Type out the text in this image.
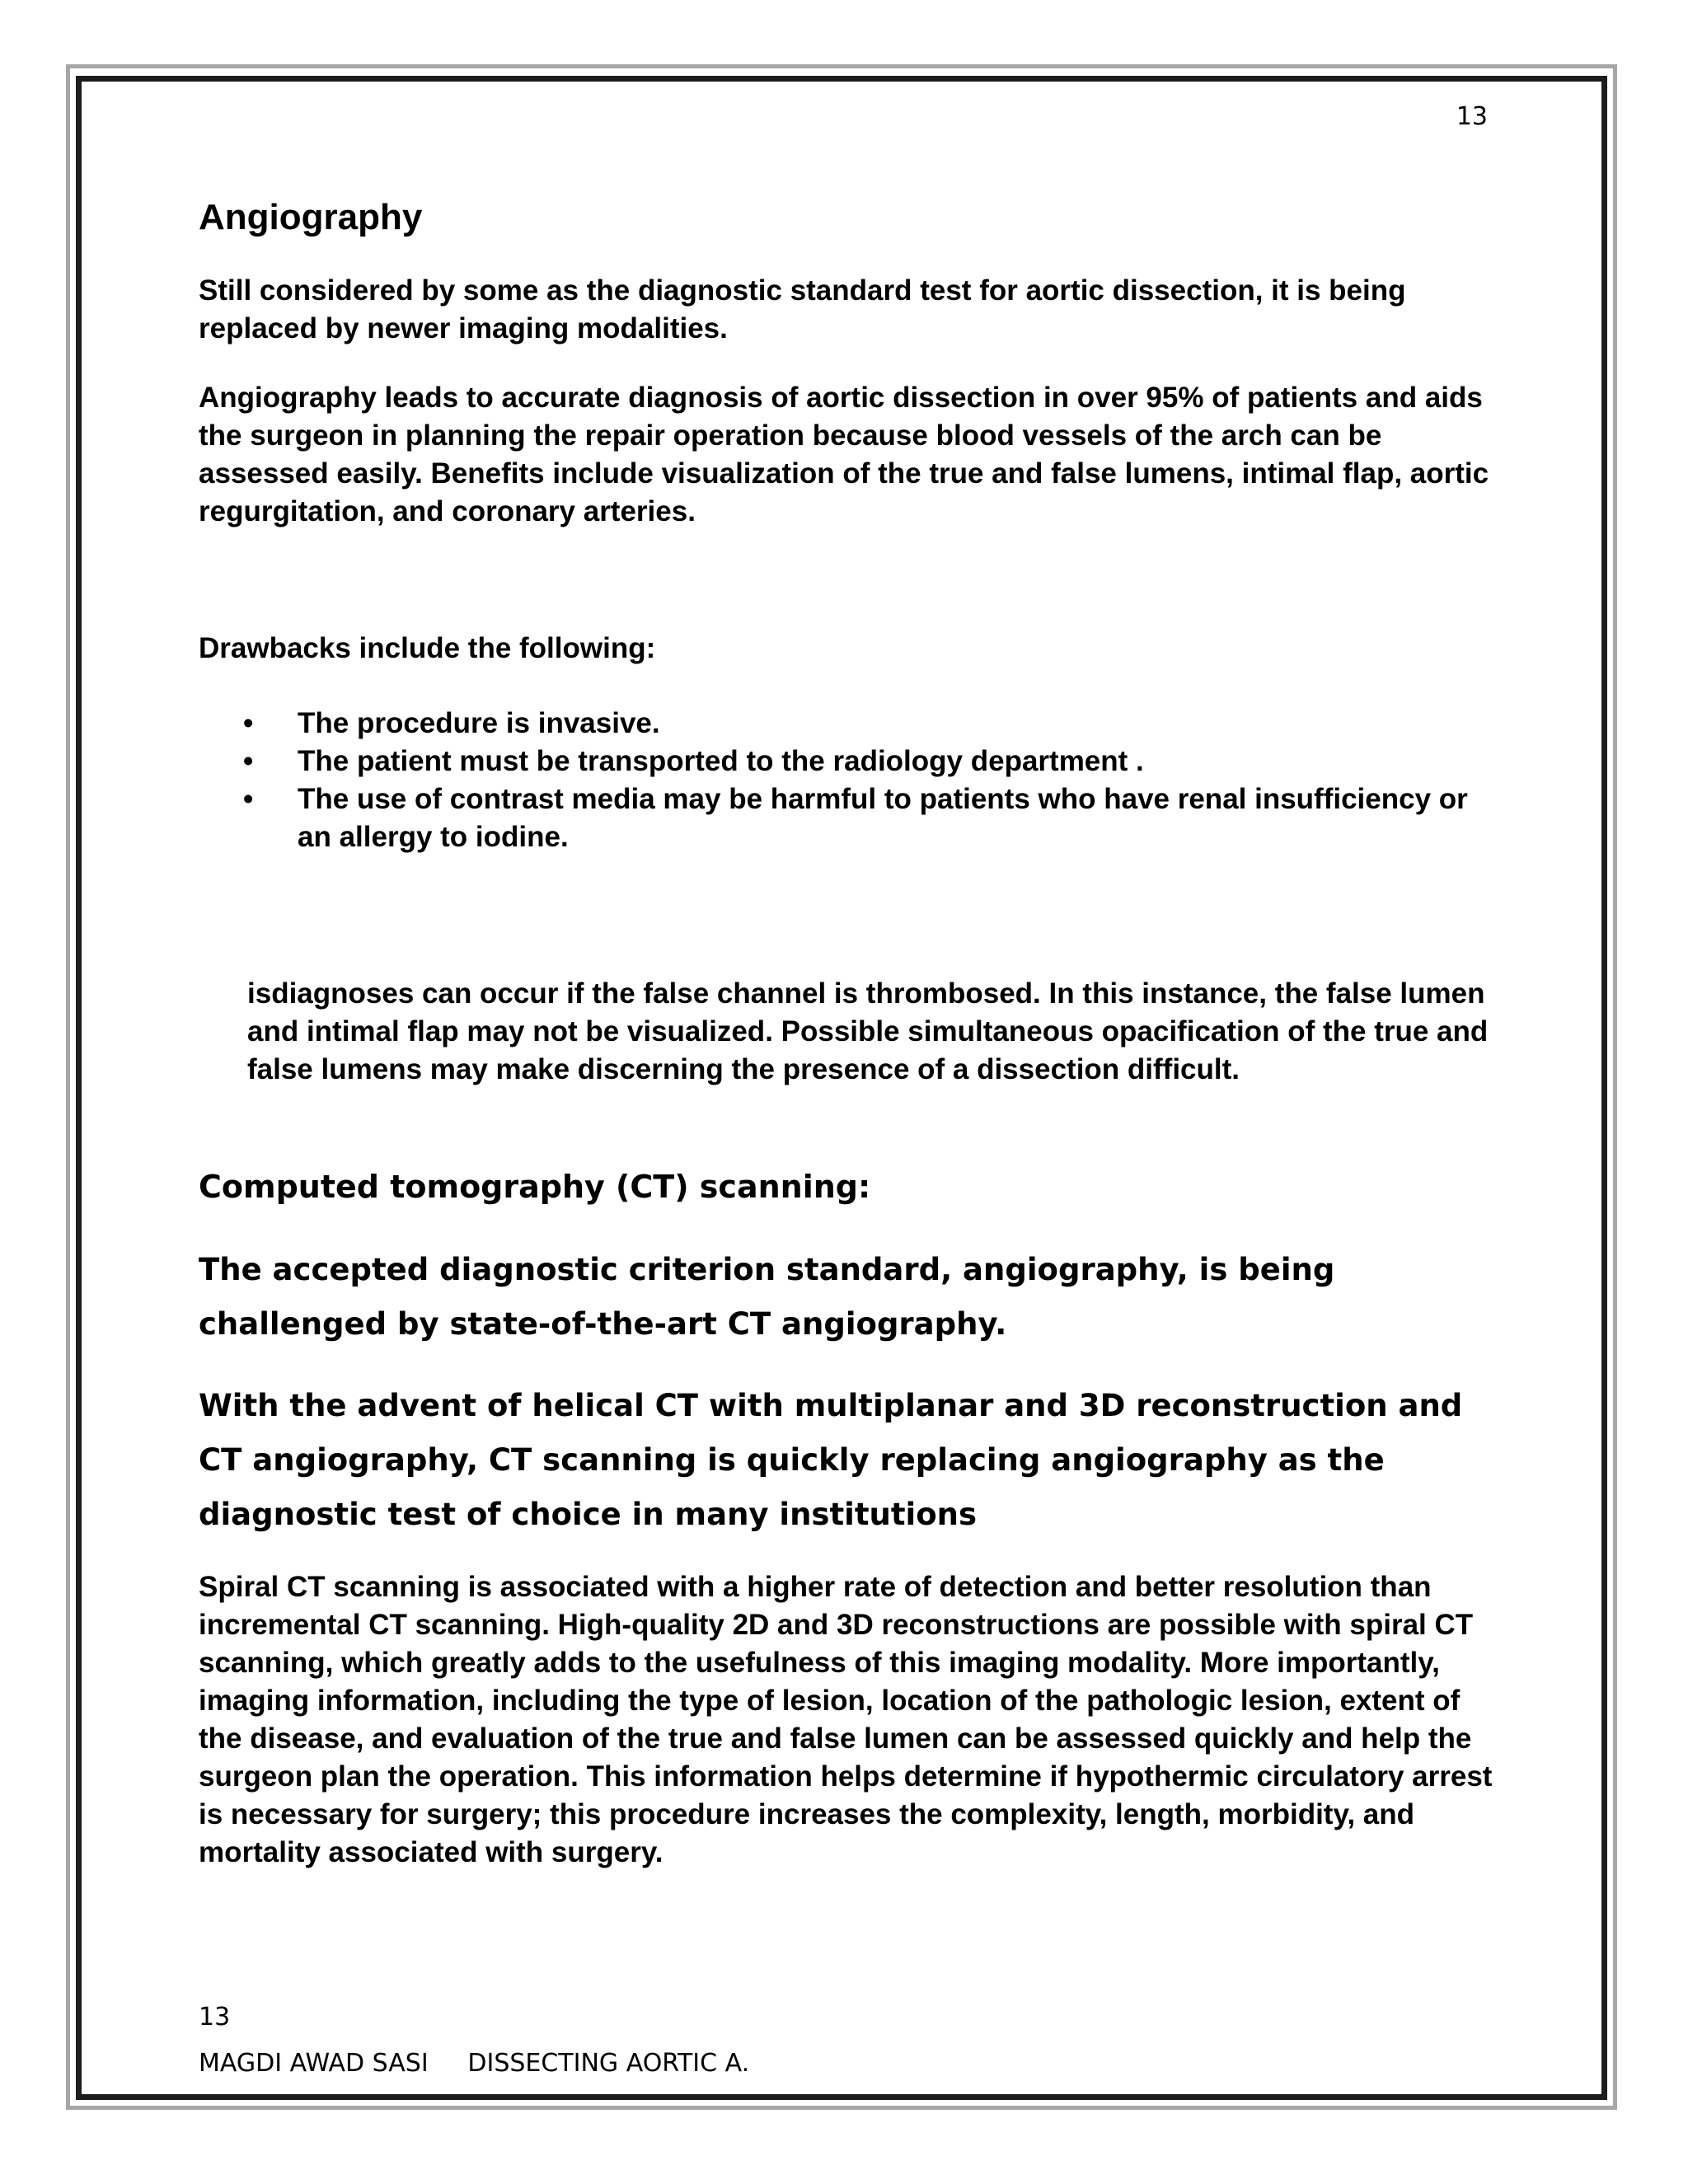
13
Angiography

Still considered by some as the diagnostic standard test for aortic dissection, it is being replaced by newer imaging modalities.

Angiography leads to accurate diagnosis of aortic dissection in over 95% of patients and aids the surgeon in planning the repair operation because blood vessels of the arch can be assessed easily. Benefits include visualization of the true and false lumens, intimal flap, aortic regurgitation, and coronary arteries.

Drawbacks include the following:

• The procedure is invasive.
• The patient must be transported to the radiology department .
• The use of contrast media may be harmful to patients who have renal insufficiency or an allergy to iodine.

isdiagnoses can occur if the false channel is thrombosed. In this instance, the false lumen and intimal flap may not be visualized. Possible simultaneous opacification of the true and false lumens may make discerning the presence of a dissection difficult.

Computed tomography (CT) scanning:

The accepted diagnostic criterion standard, angiography, is being challenged by state-of-the-art CT angiography.

With the advent of helical CT with multiplanar and 3D reconstruction and CT angiography, CT scanning is quickly replacing angiography as the diagnostic test of choice in many institutions

Spiral CT scanning is associated with a higher rate of detection and better resolution than incremental CT scanning. High-quality 2D and 3D reconstructions are possible with spiral CT scanning, which greatly adds to the usefulness of this imaging modality. More importantly, imaging information, including the type of lesion, location of the pathologic lesion, extent of the disease, and evaluation of the true and false lumen can be assessed quickly and help the surgeon plan the operation. This information helps determine if hypothermic circulatory arrest is necessary for surgery; this procedure increases the complexity, length, morbidity, and mortality associated with surgery.

13
MAGDI AWAD SASI     DISSECTING AORTIC A.
